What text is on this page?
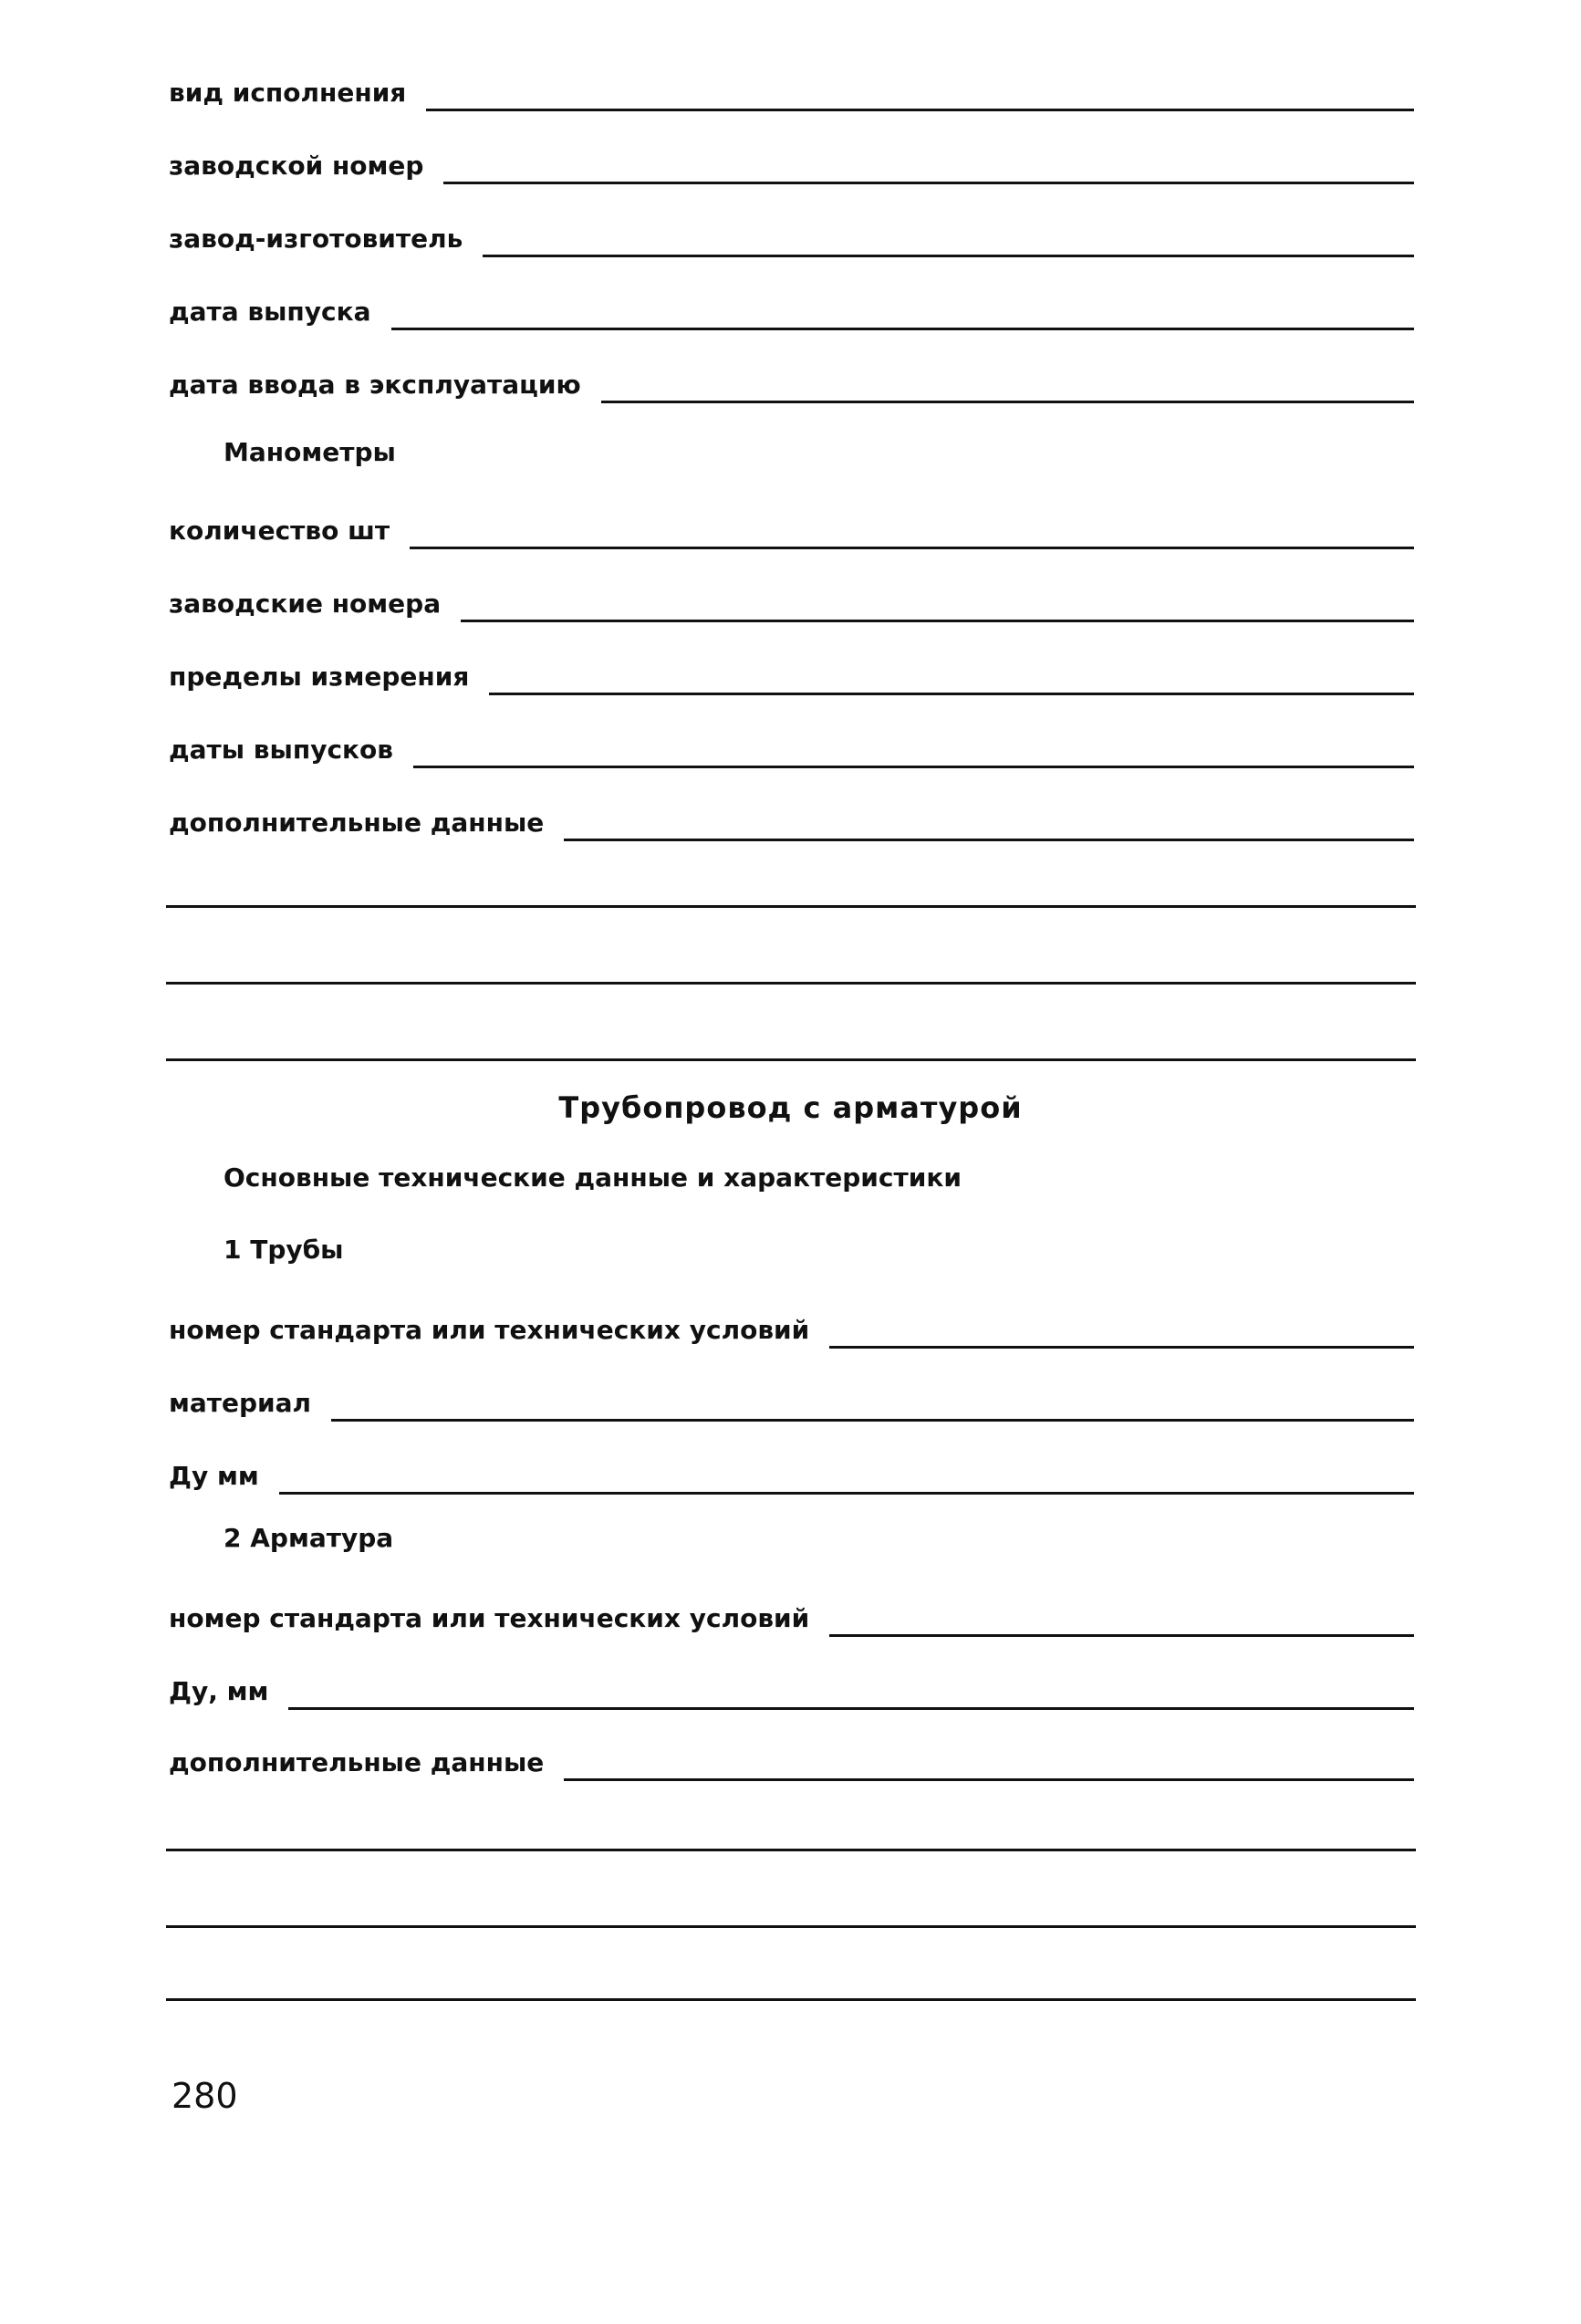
вид исполнения
заводской номер
завод-изготовитель
дата выпуска
дата ввода в эксплуатацию
Манометры
количество шт
заводские номера
пределы измерения
даты выпусков
дополнительные данные
Трубопровод с арматурой
Основные технические данные и характеристики
1 Трубы
номер стандарта или технических условий
материал
Ду мм
2 Арматура
номер стандарта или технических условий
Ду, мм
дополнительные данные
280
